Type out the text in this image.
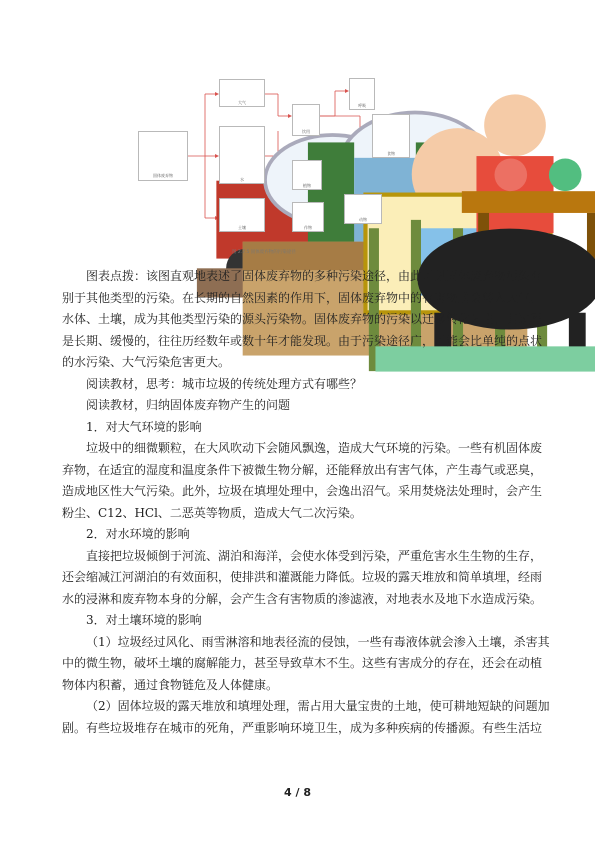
固体废弃物
大气
水
土壤
饮用
植物
作物
呼吸
食物
动物
图 2.7.5 固体废弃物的污染途径
图表点拨：该图直观地表述了固体废弃物的多种污染途径，由此可见固体废弃物污染有
别于其他类型的污染。在长期的自然因素的作用下，固体废弃物中的有害物质会转入大气、
水体、土壤，成为其他类型污染的源头污染物。固体废弃物的污染以迁移转化为主，其过程
是长期、缓慢的，往往历经数年或数十年才能发现。由于污染途径广，可能会比单纯的点状
的水污染、大气污染危害更大。
阅读教材，思考：城市垃圾的传统处理方式有哪些？
阅读教材，归纳固体废弃物产生的问题
1．对大气环境的影响
垃圾中的细微颗粒，在大风吹动下会随风飘逸，造成大气环境的污染。一些有机固体废
弃物，在适宜的湿度和温度条件下被微生物分解，还能释放出有害气体，产生毒气或恶臭，
造成地区性大气污染。此外，垃圾在填埋处理中，会逸出沼气。采用焚烧法处理时，会产生
粉尘、C12、HCl、二恶英等物质，造成大气二次污染。
2．对水环境的影响
直接把垃圾倾倒于河流、湖泊和海洋，会使水体受到污染，严重危害水生生物的生存，
还会缩减江河湖泊的有效面积，使排洪和灌溉能力降低。垃圾的露天堆放和简单填埋，经雨
水的浸淋和废弃物本身的分解，会产生含有害物质的渗滤液，对地表水及地下水造成污染。
3．对土壤环境的影响
（1）垃圾经过风化、雨雪淋溶和地表径流的侵蚀，一些有毒液体就会渗入土壤，杀害其
中的微生物，破坏土壤的腐解能力，甚至导致草木不生。这些有害成分的存在，还会在动植
物体内积蓄，通过食物链危及人体健康。
（2）固体垃圾的露天堆放和填埋处理，需占用大量宝贵的土地，使可耕地短缺的问题加
剧。有些垃圾堆存在城市的死角，严重影响环境卫生，成为多种疾病的传播源。有些生活垃
4 / 8
